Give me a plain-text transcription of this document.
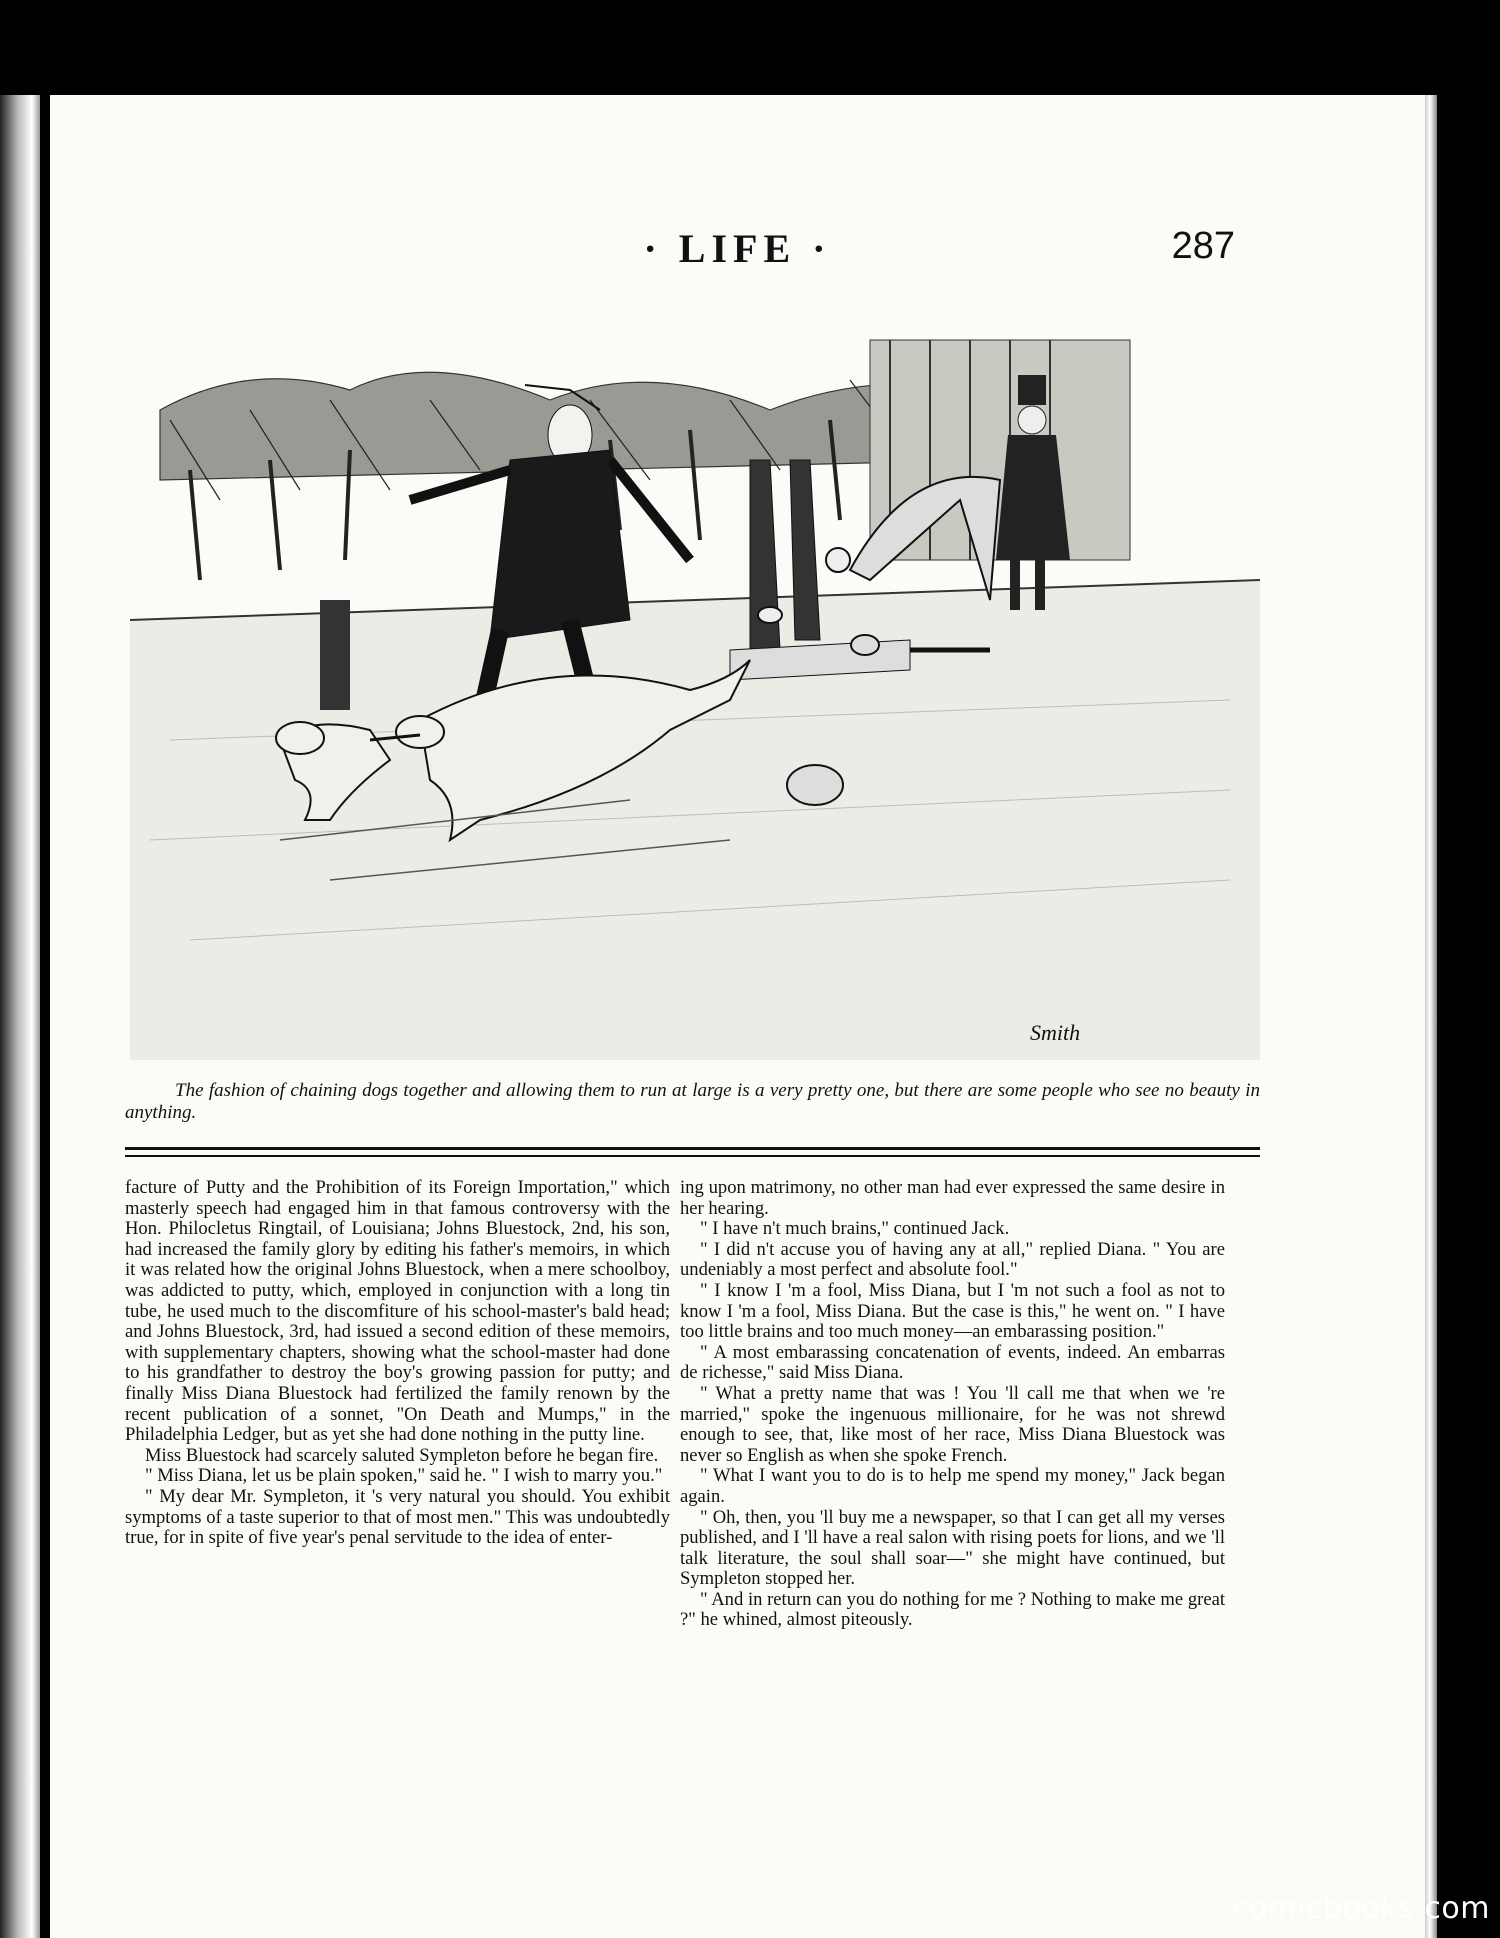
· LIFE ·	287
Smith
The fashion of chaining dogs together and allowing them to run at large is a very pretty one, but there are some people who see no beauty in anything.

facture of Putty and the Prohibition of its Foreign Importation," which masterly speech had engaged him in that famous controversy with the Hon. Philocletus Ringtail, of Louisiana; Johns Bluestock, 2nd, his son, had increased the family glory by editing his father's memoirs, in which it was related how the original Johns Bluestock, when a mere schoolboy, was addicted to putty, which, employed in conjunction with a long tin tube, he used much to the discomfiture of his school-master's bald head; and Johns Bluestock, 3rd, had issued a second edition of these memoirs, with supplementary chapters, showing what the school-master had done to his grandfather to destroy the boy's growing passion for putty; and finally Miss Diana Bluestock had fertilized the family renown by the recent publication of a sonnet, "On Death and Mumps," in the Philadelphia Ledger, but as yet she had done nothing in the putty line.

Miss Bluestock had scarcely saluted Sympleton before he began fire.

" Miss Diana, let us be plain spoken," said he. " I wish to marry you."

" My dear Mr. Sympleton, it 's very natural you should. You exhibit symptoms of a taste superior to that of most men." This was undoubtedly true, for in spite of five year's penal servitude to the idea of enter-

ing upon matrimony, no other man had ever expressed the same desire in her hearing.

" I have n't much brains," continued Jack.

" I did n't accuse you of having any at all," replied Diana. " You are undeniably a most perfect and absolute fool."

" I know I 'm a fool, Miss Diana, but I 'm not such a fool as not to know I 'm a fool, Miss Diana. But the case is this," he went on. " I have too little brains and too much money—an embarassing position."

" A most embarassing concatenation of events, indeed. An embarras de richesse," said Miss Diana.

" What a pretty name that was ! You 'll call me that when we 're married," spoke the ingenuous millionaire, for he was not shrewd enough to see, that, like most of her race, Miss Diana Bluestock was never so English as when she spoke French.

" What I want you to do is to help me spend my money," Jack began again.

" Oh, then, you 'll buy me a newspaper, so that I can get all my verses published, and I 'll have a real salon with rising poets for lions, and we 'll talk literature, the soul shall soar—" she might have continued, but Sympleton stopped her.

" And in return can you do nothing for me ? Nothing to make me great ?" he whined, almost piteously.

comicbooks.com
